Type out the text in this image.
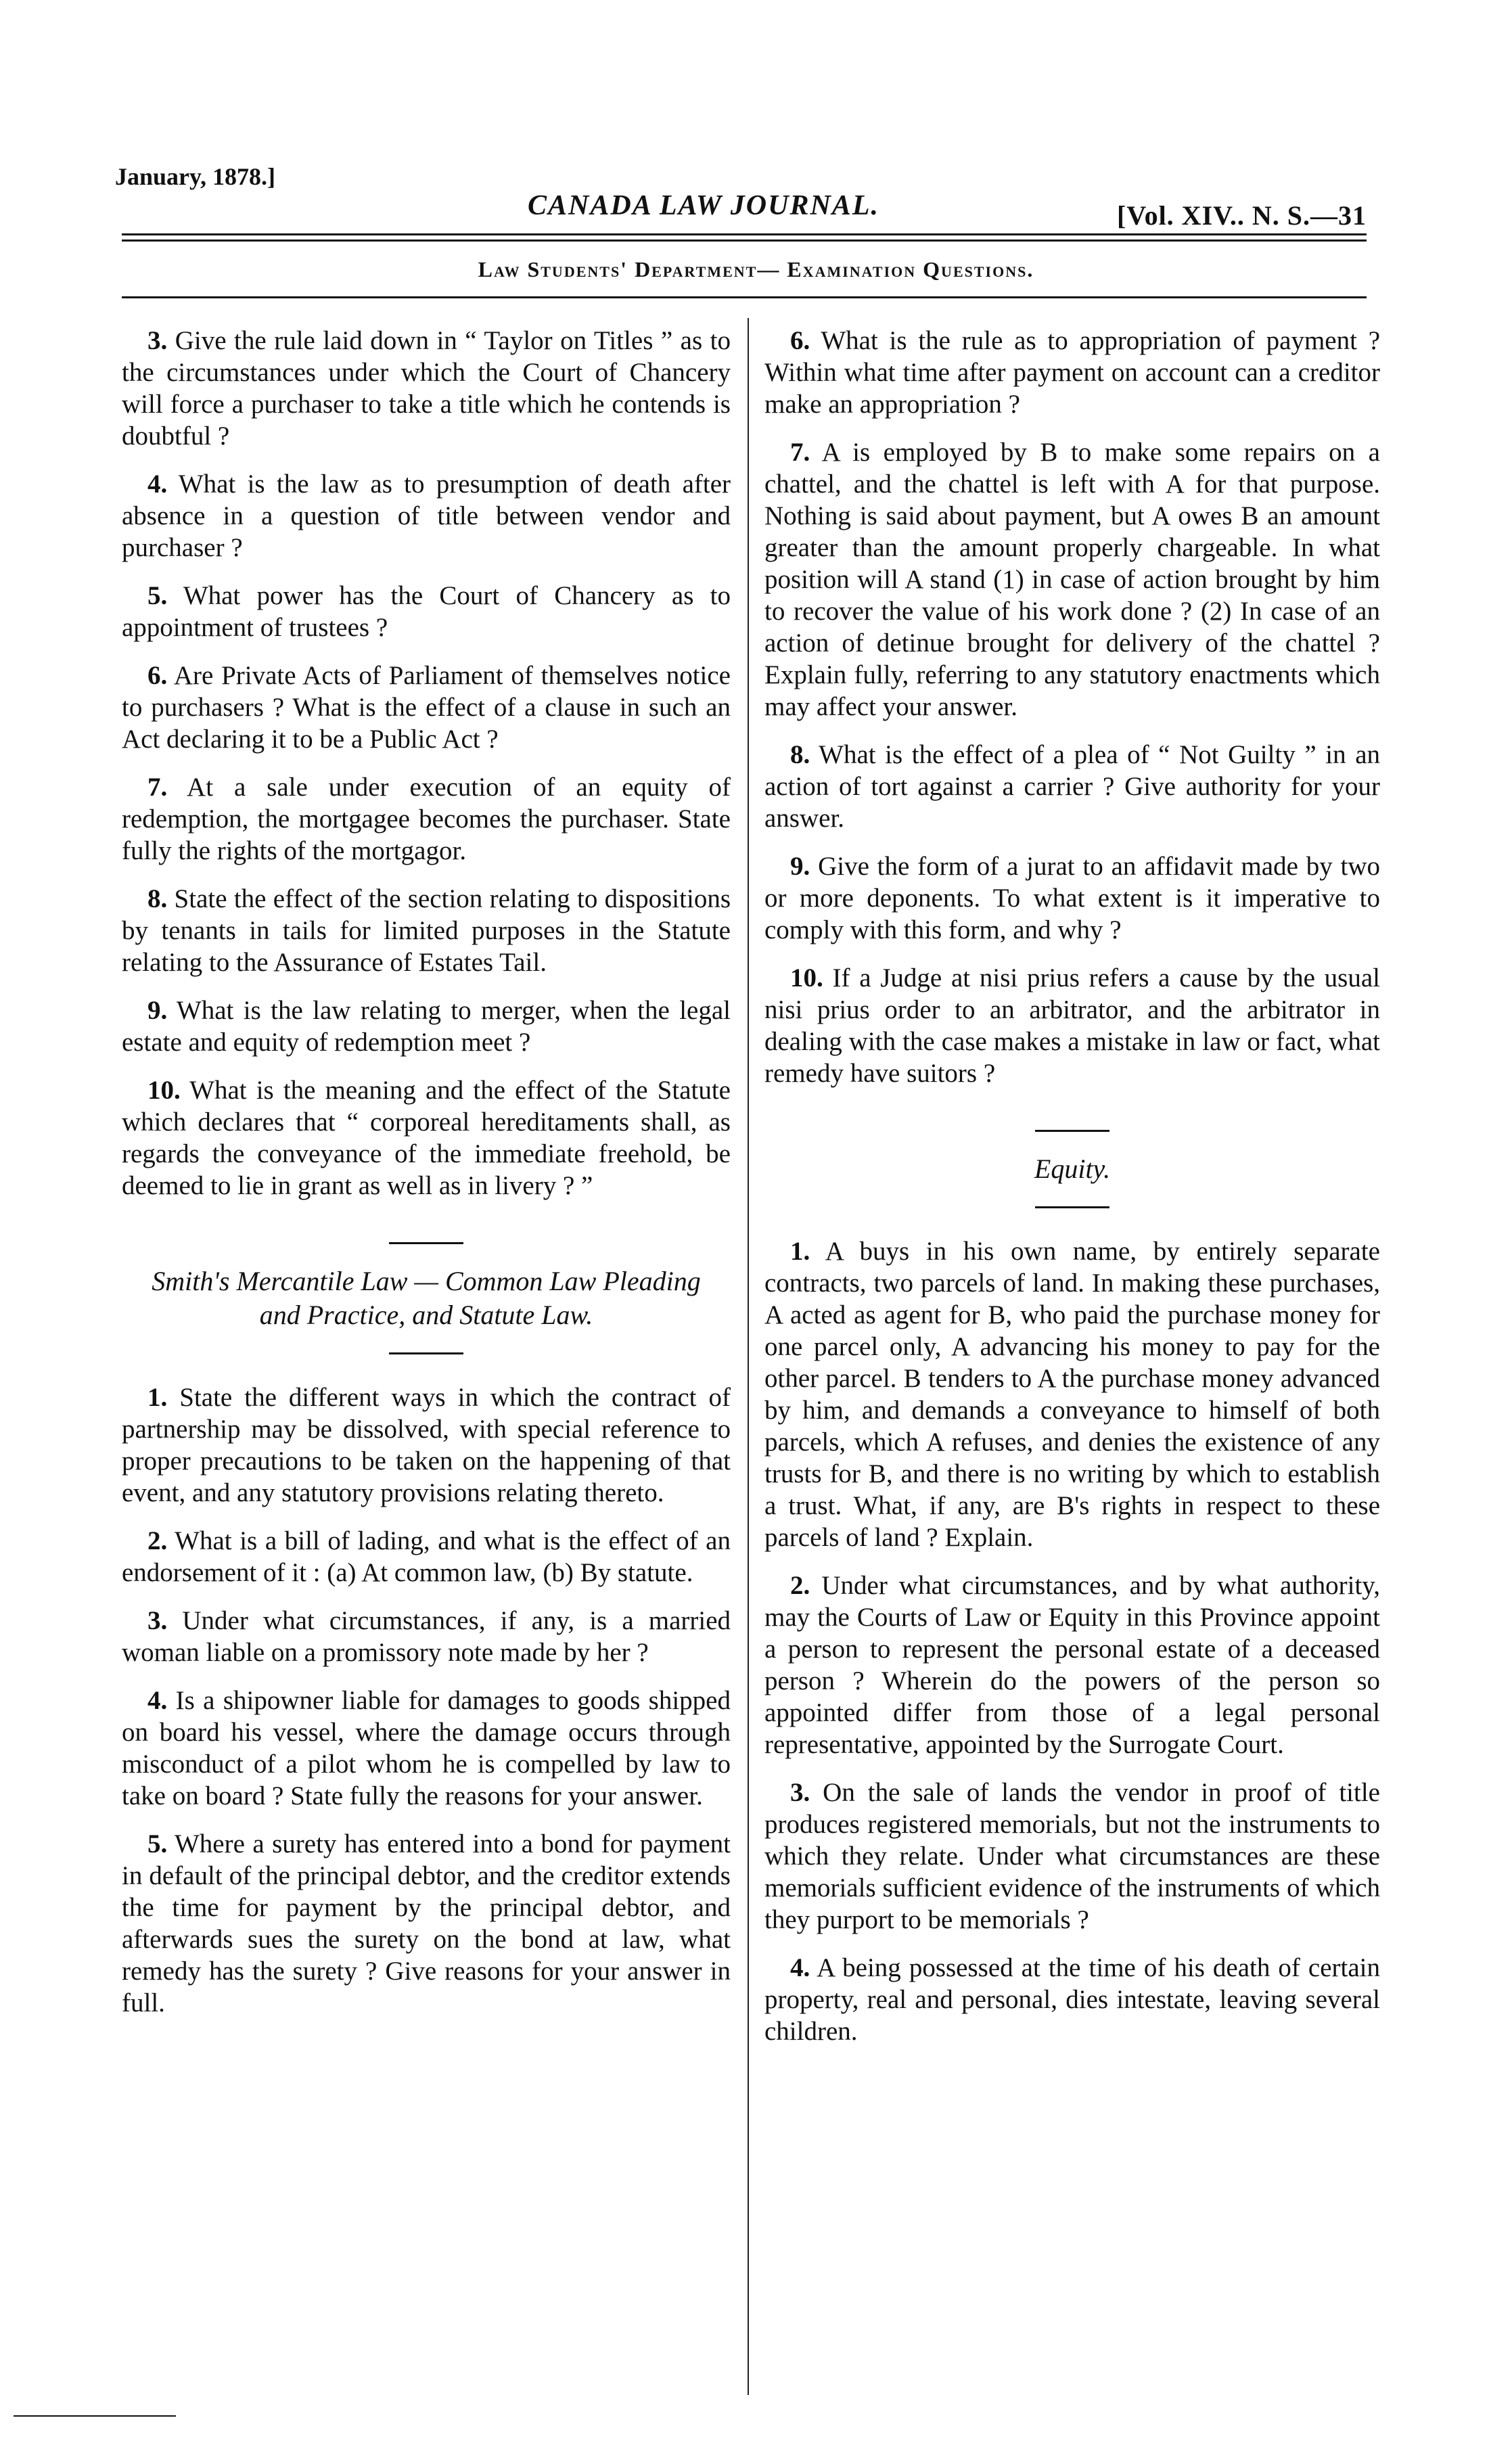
January, 1878.]
CANADA LAW JOURNAL.	[Vol. XIV.. N. S.—31
Law Students' Department— Examination Questions.

3. Give the rule laid down in “ Taylor on Titles ” as to the circumstances under which the Court of Chancery will force a purchaser to take a title which he contends is doubtful ?

4. What is the law as to presumption of death after absence in a question of title between vendor and purchaser ?

5. What power has the Court of Chancery as to appointment of trustees ?

6. Are Private Acts of Parliament of themselves notice to purchasers ? What is the effect of a clause in such an Act declaring it to be a Public Act ?

7. At a sale under execution of an equity of redemption, the mortgagee becomes the purchaser. State fully the rights of the mortgagor.

8. State the effect of the section relating to dispositions by tenants in tails for limited purposes in the Statute relating to the Assurance of Estates Tail.

9. What is the law relating to merger, when the legal estate and equity of redemption meet ?

10. What is the meaning and the effect of the Statute which declares that “ corporeal hereditaments shall, as regards the conveyance of the immediate freehold, be deemed to lie in grant as well as in livery ? ”

Smith's Mercantile Law — Common Law Pleading and Practice, and Statute Law.

1. State the different ways in which the contract of partnership may be dissolved, with special reference to proper precautions to be taken on the happening of that event, and any statutory provisions relating thereto.

2. What is a bill of lading, and what is the effect of an endorsement of it : (a) At common law, (b) By statute.

3. Under what circumstances, if any, is a married woman liable on a promissory note made by her ?

4. Is a shipowner liable for damages to goods shipped on board his vessel, where the damage occurs through misconduct of a pilot whom he is compelled by law to take on board ? State fully the reasons for your answer.

5. Where a surety has entered into a bond for payment in default of the principal debtor, and the creditor extends the time for payment by the principal debtor, and afterwards sues the surety on the bond at law, what remedy has the surety ? Give reasons for your answer in full.

6. What is the rule as to appropriation of payment ? Within what time after payment on account can a creditor make an appropriation ?

7. A is employed by B to make some repairs on a chattel, and the chattel is left with A for that purpose. Nothing is said about payment, but A owes B an amount greater than the amount properly chargeable. In what position will A stand (1) in case of action brought by him to recover the value of his work done ? (2) In case of an action of detinue brought for delivery of the chattel ? Explain fully, referring to any statutory enactments which may affect your answer.

8. What is the effect of a plea of “ Not Guilty ” in an action of tort against a carrier ? Give authority for your answer.

9. Give the form of a jurat to an affidavit made by two or more deponents. To what extent is it imperative to comply with this form, and why ?

10. If a Judge at nisi prius refers a cause by the usual nisi prius order to an arbitrator, and the arbitrator in dealing with the case makes a mistake in law or fact, what remedy have suitors ?

Equity.

1. A buys in his own name, by entirely separate contracts, two parcels of land. In making these purchases, A acted as agent for B, who paid the purchase money for one parcel only, A advancing his money to pay for the other parcel. B tenders to A the purchase money advanced by him, and demands a conveyance to himself of both parcels, which A refuses, and denies the existence of any trusts for B, and there is no writing by which to establish a trust. What, if any, are B's rights in respect to these parcels of land ? Explain.

2. Under what circumstances, and by what authority, may the Courts of Law or Equity in this Province appoint a person to represent the personal estate of a deceased person ? Wherein do the powers of the person so appointed differ from those of a legal personal representative, appointed by the Surrogate Court.

3. On the sale of lands the vendor in proof of title produces registered memorials, but not the instruments to which they relate. Under what circumstances are these memorials sufficient evidence of the instruments of which they purport to be memorials ?

4. A being possessed at the time of his death of certain property, real and personal, dies intestate, leaving several children.
